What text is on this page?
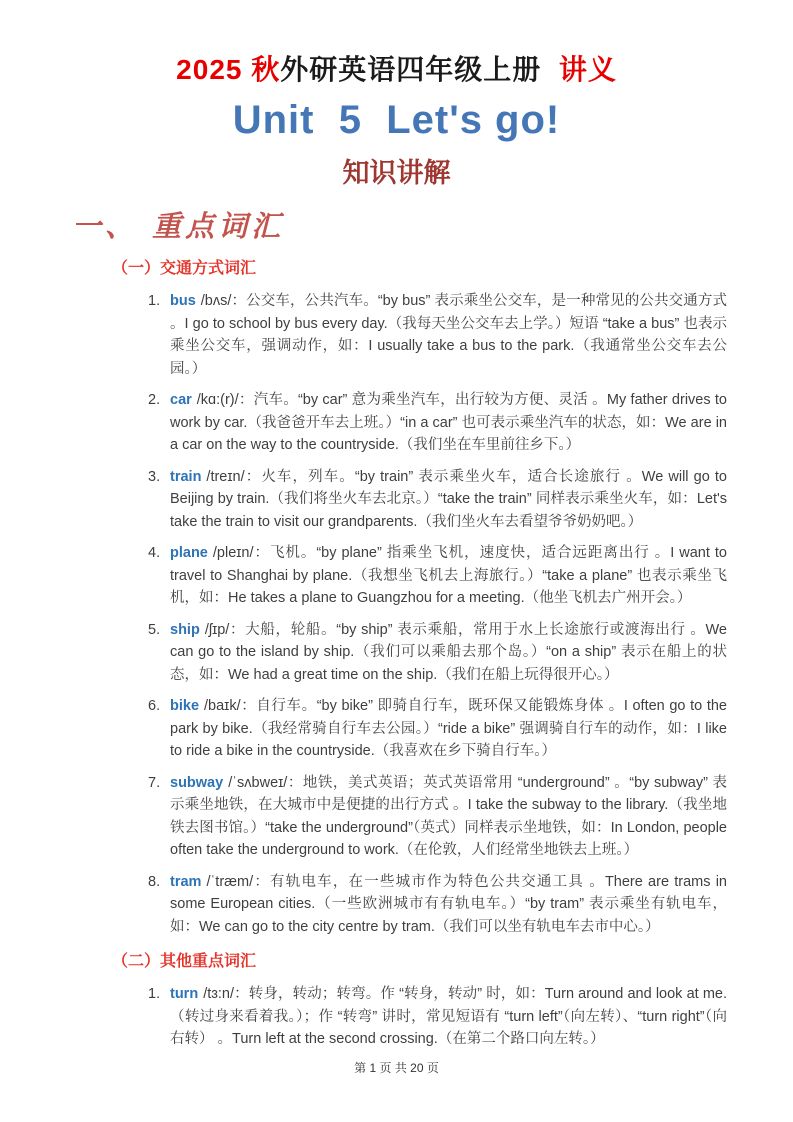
2025 秋外研英语四年级上册  讲义
Unit  5  Let's go!
知识讲解
一、 重点词汇
（一）交通方式词汇
1. bus /bʌs/：公交车，公共汽车。“by bus” 表示乘坐公交车，是一种常见的公共交通方式 。I go to school by bus every day.（我每天坐公交车去上学。）短语 “take a bus” 也表示乘坐公交车，强调动作，如：I usually take a bus to the park.（我通常坐公交车去公园。）
2. car /kɑ:(r)/：汽车。“by car” 意为乘坐汽车，出行较为方便、灵活 。My father drives to work by car.（我爸爸开车去上班。）“in a car” 也可表示乘坐汽车的状态，如：We are in a car on the way to the countryside.（我们坐在车里前往乡下。）
3. train /treɪn/：火车，列车。“by train” 表示乘坐火车，适合长途旅行 。We will go to Beijing by train.（我们将坐火车去北京。）“take the train” 同样表示乘坐火车，如：Let's take the train to visit our grandparents.（我们坐火车去看望爷爷奶奶吧。）
4. plane /pleɪn/：飞机。“by plane” 指乘坐飞机，速度快，适合远距离出行 。I want to travel to Shanghai by plane.（我想坐飞机去上海旅行。）“take a plane” 也表示乘坐飞机，如：He takes a plane to Guangzhou for a meeting.（他坐飞机去广州开会。）
5. ship /ʃɪp/：大船，轮船。“by ship” 表示乘船，常用于水上长途旅行或渡海出行 。We can go to the island by ship.（我们可以乘船去那个岛。）“on a ship” 表示在船上的状态，如：We had a great time on the ship.（我们在船上玩得很开心。）
6. bike /baɪk/：自行车。“by bike” 即骑自行车，既环保又能锻炼身体 。I often go to the park by bike.（我经常骑自行车去公园。）“ride a bike” 强调骑自行车的动作，如：I like to ride a bike in the countryside.（我喜欢在乡下骑自行车。）
7. subway /ˈsʌbweɪ/：地铁，美式英语；英式英语常用 “underground” 。“by subway” 表示乘坐地铁，在大城市中是便捷的出行方式 。I take the subway to the library.（我坐地铁去图书馆。）“take the underground”（英式）同样表示坐地铁，如：In London, people often take the underground to work.（在伦敦，人们经常坐地铁去上班。）
8. tram /ˈtræm/：有轨电车，在一些城市作为特色公共交通工具 。There are trams in some European cities.（一些欧洲城市有有轨电车。）“by tram” 表示乘坐有轨电车，如：We can go to the city centre by tram.（我们可以坐有轨电车去市中心。）
（二）其他重点词汇
1. turn /tɜ:n/：转身，转动；转弯。作 “转身，转动” 时，如：Turn around and look at me.（转过身来看着我。）；作 “转弯” 讲时，常见短语有 “turn left”（向左转）、“turn right”（向右转） 。Turn left at the second crossing.（在第二个路口向左转。）
第 1 页 共 20 页
